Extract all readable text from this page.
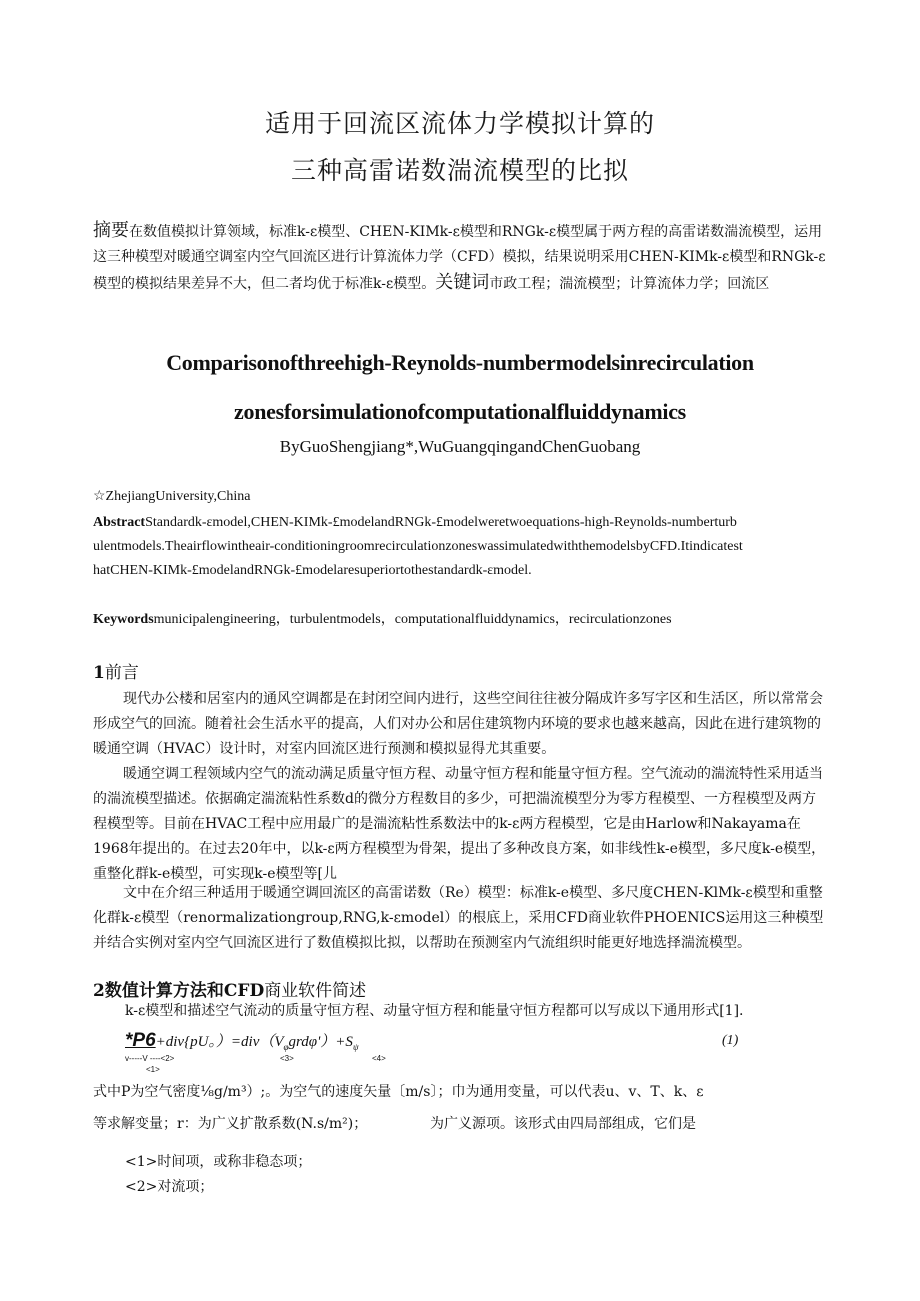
适用于回流区流体力学模拟计算的
三种高雷诺数湍流模型的比拟
摘要在数值模拟计算领域，标准k-ε模型、CHEN-KIMk-ε模型和RNGk-ε模型属于两方程的高雷诺数湍流模型，运用这三种模型对暖通空调室内空气回流区进行计算流体力学（CFD）模拟，结果说明采用CHEN-KIMk-ε模型和RNGk-ε模型的模拟结果差异不大，但二者均优于标准k-ε模型。关键词市政工程；湍流模型；计算流体力学；回流区
Comparisonofthreehigh-Reynolds-numbermodelsinrecirculation
zonesforsimulationofcomputationalfluiddynamics
ByGuoShengjiang*,WuGuangqingandChenGuobang
☆ZhejiangUniversity,China
AbstractStandardk-εmodel,CHEN-KIMk-£modelandRNGk-£modelweretwoequations-high-Reynolds-numberturbulentmodels.Theairflowintheair-conditioningroomrecirculationzoneswassimulatedwiththemodelsbyCFD.ItindicatesthatCHEN-KIMk-£modelandRNGk-£modelaresuperiortothestandardk-εmodel.
Keywordsmunicipalengineering，turbulentmodels，computationalfluiddynamics，recirculationzones
1前言
现代办公楼和居室内的通风空调都是在封闭空间内进行，这些空间往往被分隔成许多写字区和生活区，所以常常会形成空气的回流。随着社会生活水平的提高，人们对办公和居住建筑物内环境的要求也越来越高，因此在进行建筑物的暖通空调（HVAC）设计时，对室内回流区进行预测和模拟显得尤其重要。
暖通空调工程领域内空气的流动满足质量守恒方程、动量守恒方程和能量守恒方程。空气流动的湍流特性采用适当的湍流模型描述。依据确定湍流粘性系数d的微分方程数目的多少，可把湍流模型分为零方程模型、一方程模型及两方程模型等。目前在HVAC工程中应用最广的是湍流粘性系数法中的k-ε两方程模型，它是由Harlow和Nakayama在1968年提出的。在过去20年中，以k-ε两方程模型为骨架，提出了多种改良方案，如非线性k-e模型，多尺度k-e模型，重整化群k-e模型，可实现k-e模型等[儿
文中在介绍三种适用于暖通空调回流区的高雷诺数（Re）模型：标准k-e模型、多尺度CHEN-KlMk-ε模型和重整化群k-ε模型（renormalizationgroup,RNG,k-εmodel）的根底上，采用CFD商业软件PHOENICS运用这三种模型并结合实例对室内空气回流区进行了数值模拟比拟，以帮助在预测室内气流组织时能更好地选择湍流模型。
2数值计算方法和CFD商业软件简述
k-ε模型和描述空气流动的质量守恒方程、动量守恒方程和能量守恒方程都可以写成以下通用形式[1].
*P6+div{pU。）$=div(V_\varphi grd\varphi')+S_\psi$	(1)
v-----V ----<2>
<1>
<3>	<4>
式中P为空气密度⅛g∕m³）;。为空气的速度矢量〔m/s〕；巾为通用变量，可以代表u、v、T、k、ε
等求解变量；r：为广义扩散系数(N.s/m²)；	为广义源项。该形式由四局部组成，它们是
<1>时间项，或称非稳态项；
<2>对流项；
